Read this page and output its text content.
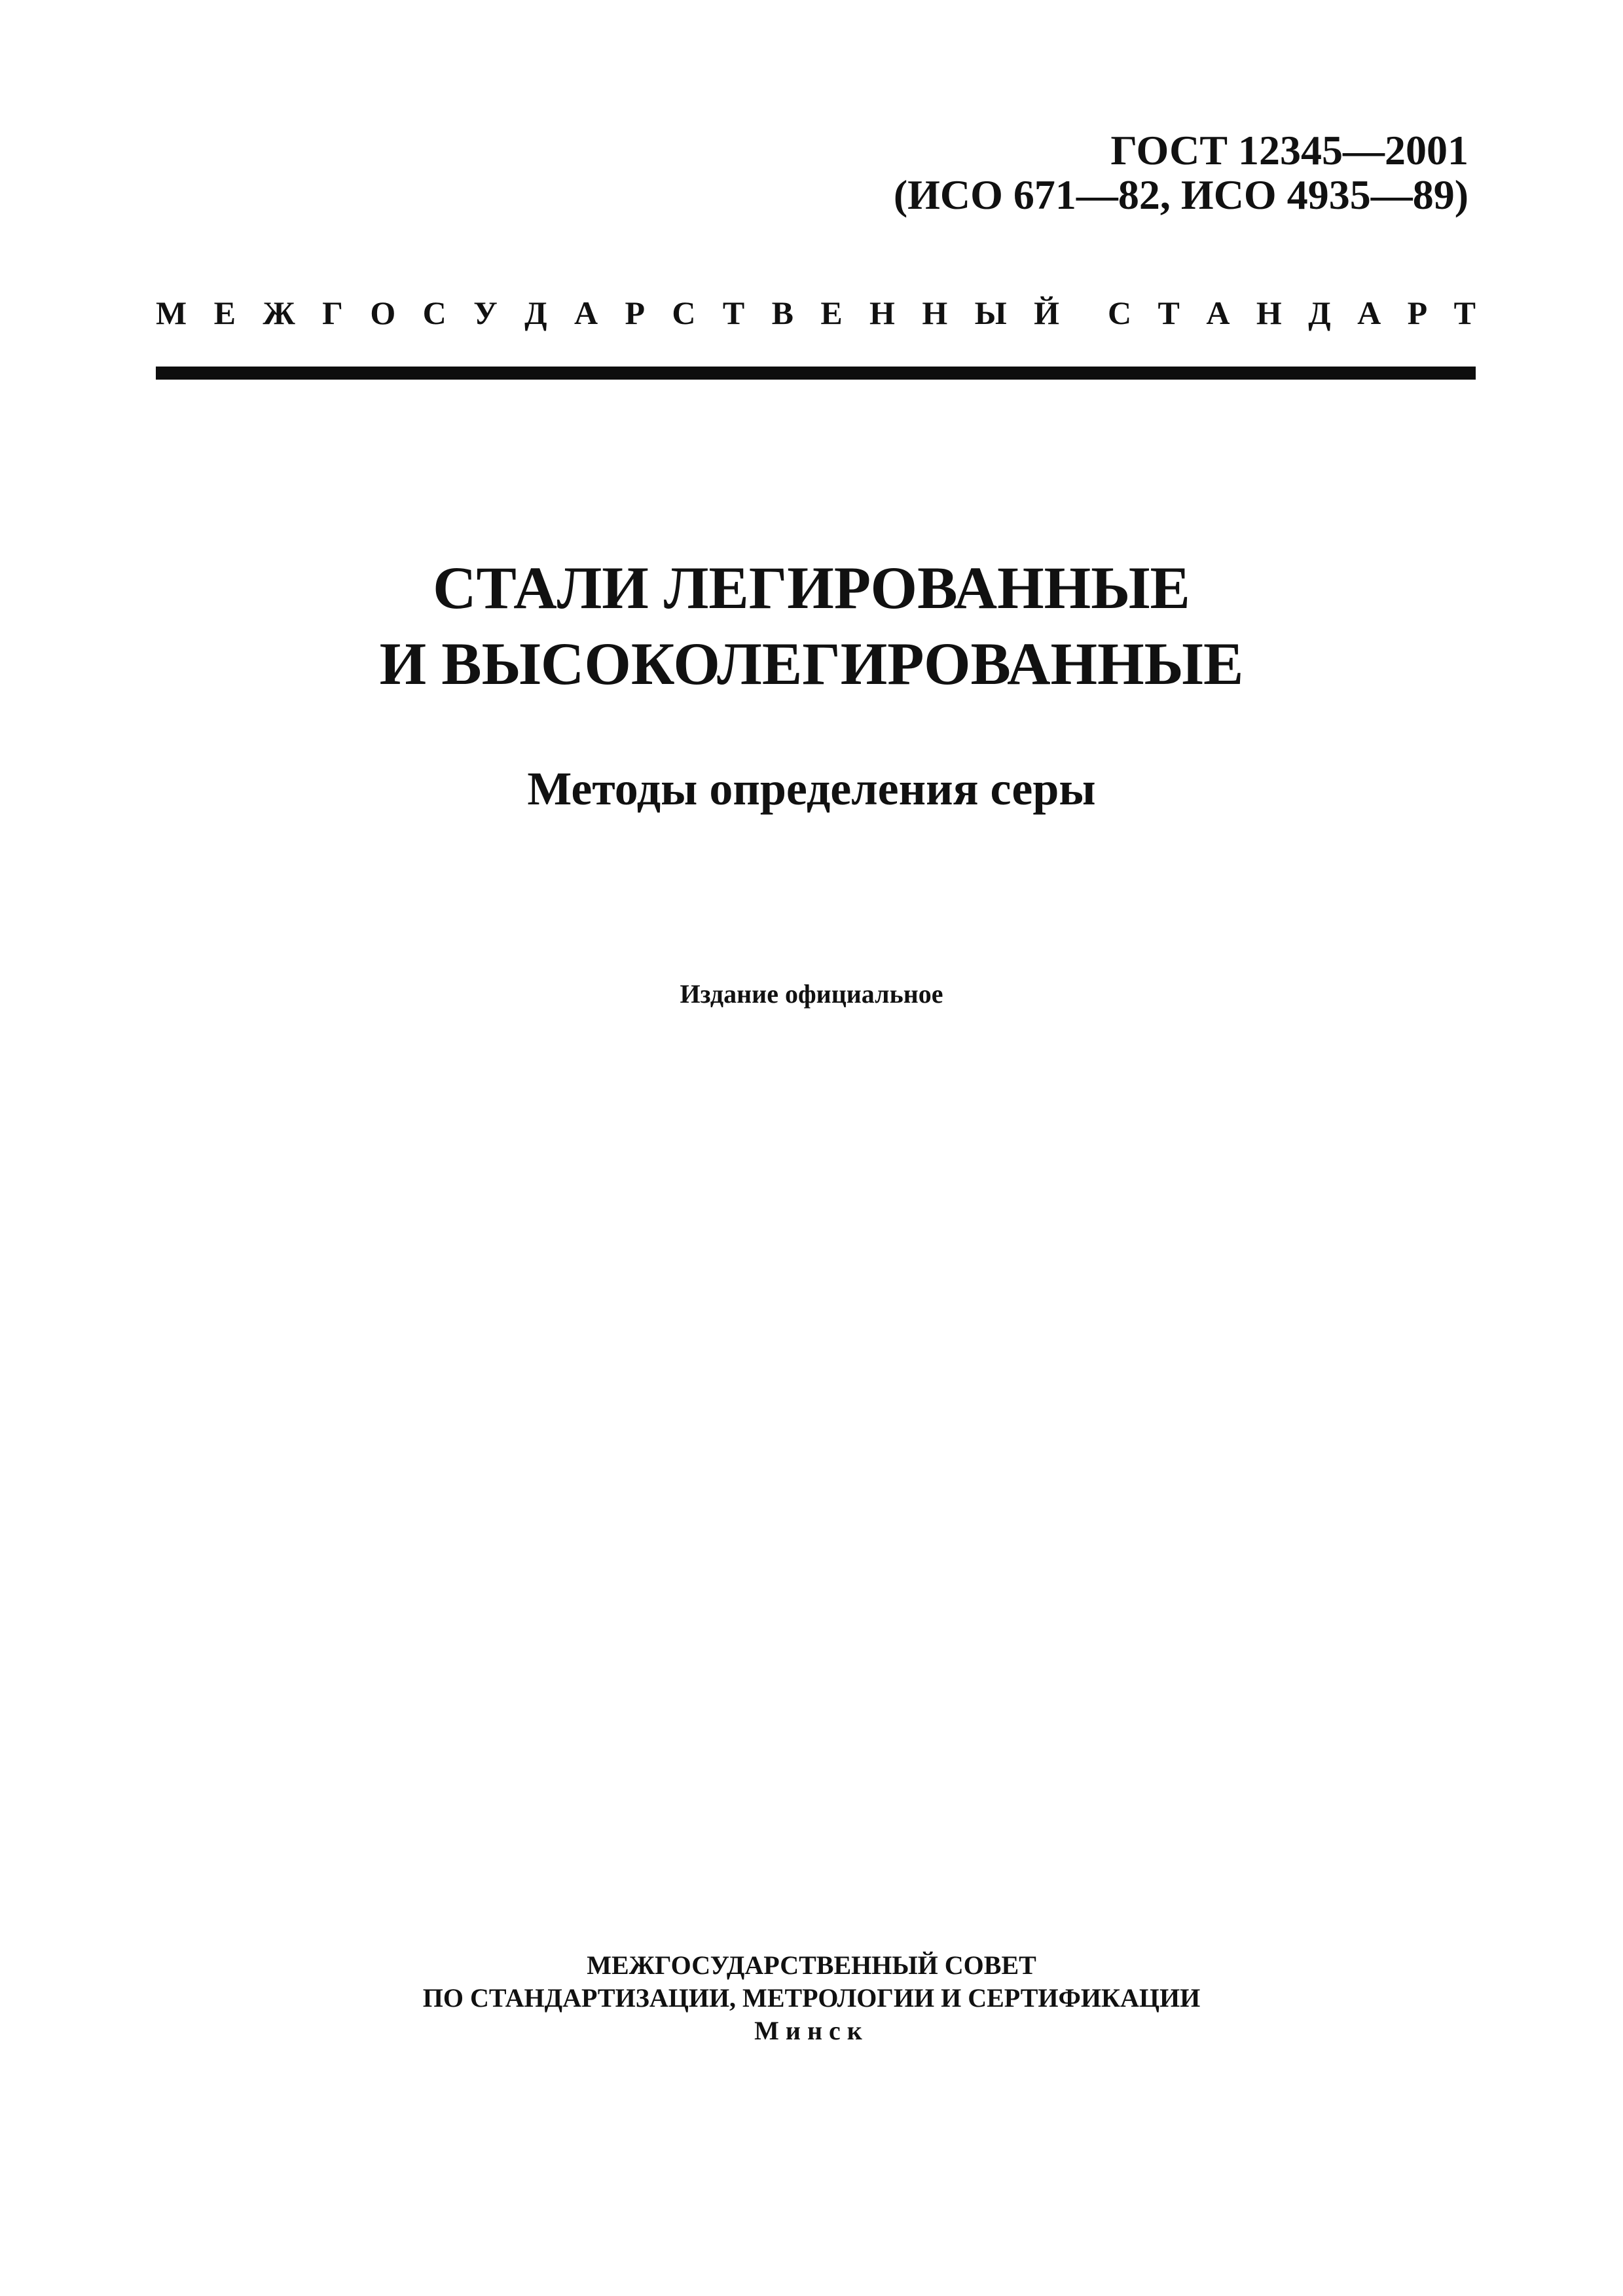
ГОСТ 12345—2001
(ИСО 671—82, ИСО 4935—89)
М Е Ж Г О С У Д А Р С Т В Е Н Н Ы Й С Т А Н Д А Р Т
СТАЛИ ЛЕГИРОВАННЫЕ
И ВЫСОКОЛЕГИРОВАННЫЕ
Методы определения серы
Издание официальное
МЕЖГОСУДАРСТВЕННЫЙ СОВЕТ
ПО СТАНДАРТИЗАЦИИ, МЕТРОЛОГИИ И СЕРТИФИКАЦИИ
Минск
